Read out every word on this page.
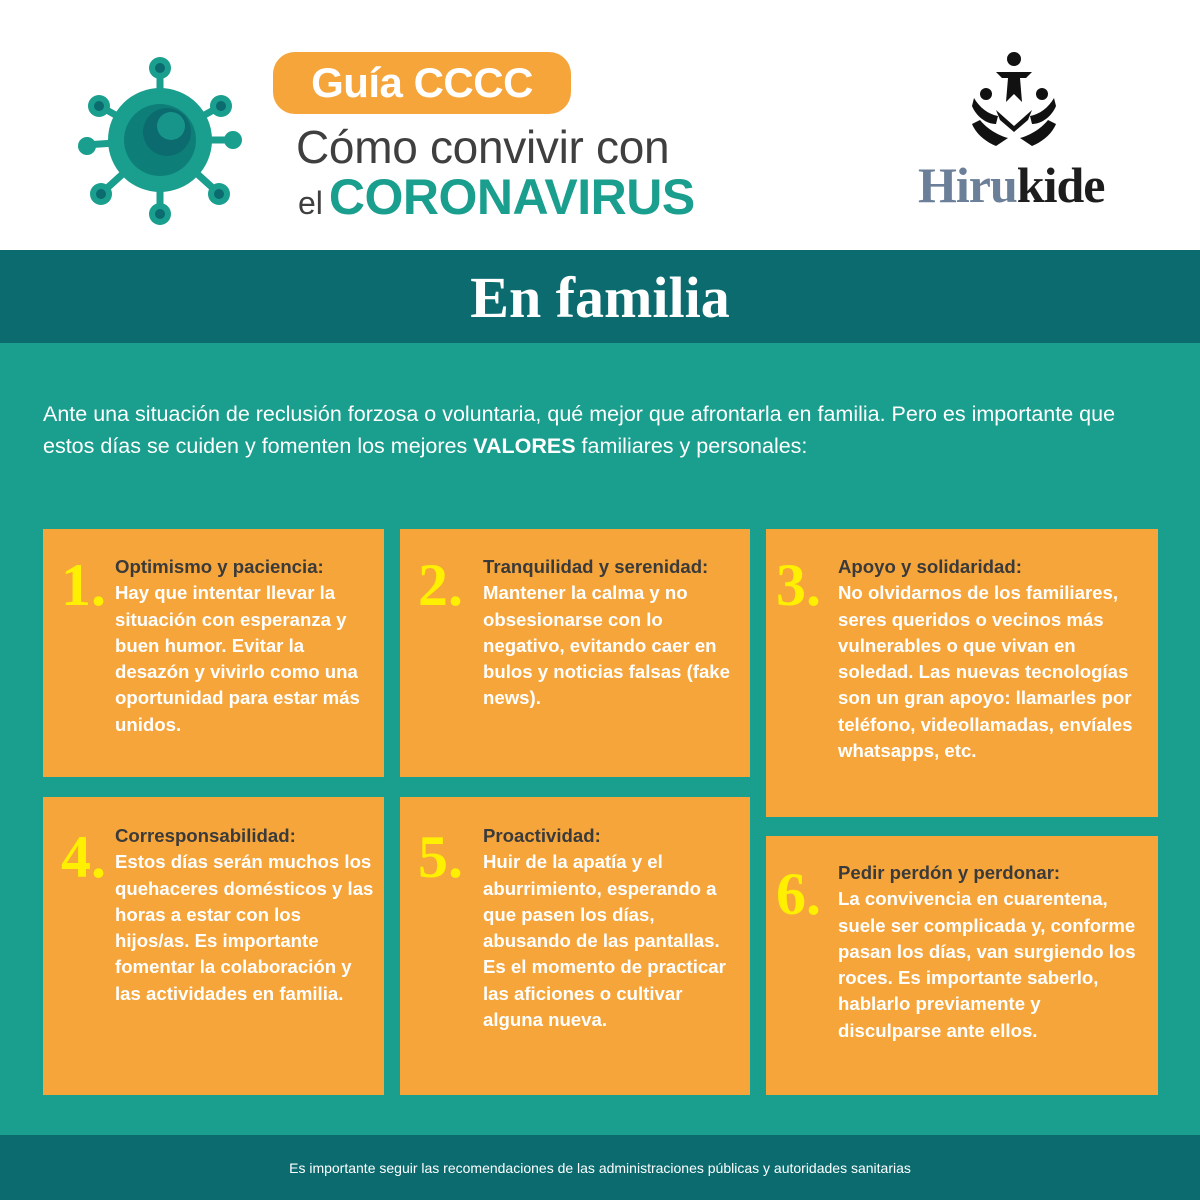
Guía CCCC
Cómo convivir con
el CORONAVIRUS	Hirukide
En familia

Ante una situación de reclusión forzosa o voluntaria, qué mejor que afrontarla en familia. Pero es importante que estos días se cuiden y fomenten los mejores VALORES familiares y personales:

1. Optimismo y paciencia:
Hay que intentar llevar la situación con esperanza y buen humor. Evitar la desazón y vivirlo como una oportunidad para estar más unidos.
2. Tranquilidad y serenidad:
Mantener la calma y no obsesionarse con lo negativo, evitando caer en bulos y noticias falsas (fake news).
3. Apoyo y solidaridad:
No olvidarnos de los familiares, seres queridos o vecinos más vulnerables o que vivan en soledad. Las nuevas tecnologías son un gran apoyo: llamarles por teléfono, videollamadas, envíales whatsapps, etc.
4. Corresponsabilidad:
Estos días serán muchos los quehaceres domésticos y las horas a estar con los hijos/as. Es importante fomentar la colaboración y las actividades en familia.
5. Proactividad:
Huir de la apatía y el aburrimiento, esperando a que pasen los días, abusando de las pantallas. Es el momento de practicar las aficiones o cultivar alguna nueva.
6. Pedir perdón y perdonar:
La convivencia en cuarentena, suele ser complicada y, conforme pasan los días, van surgiendo los roces. Es importante saberlo, hablarlo previamente y disculparse ante ellos.

Es importante seguir las recomendaciones de las administraciones públicas y autoridades sanitarias
